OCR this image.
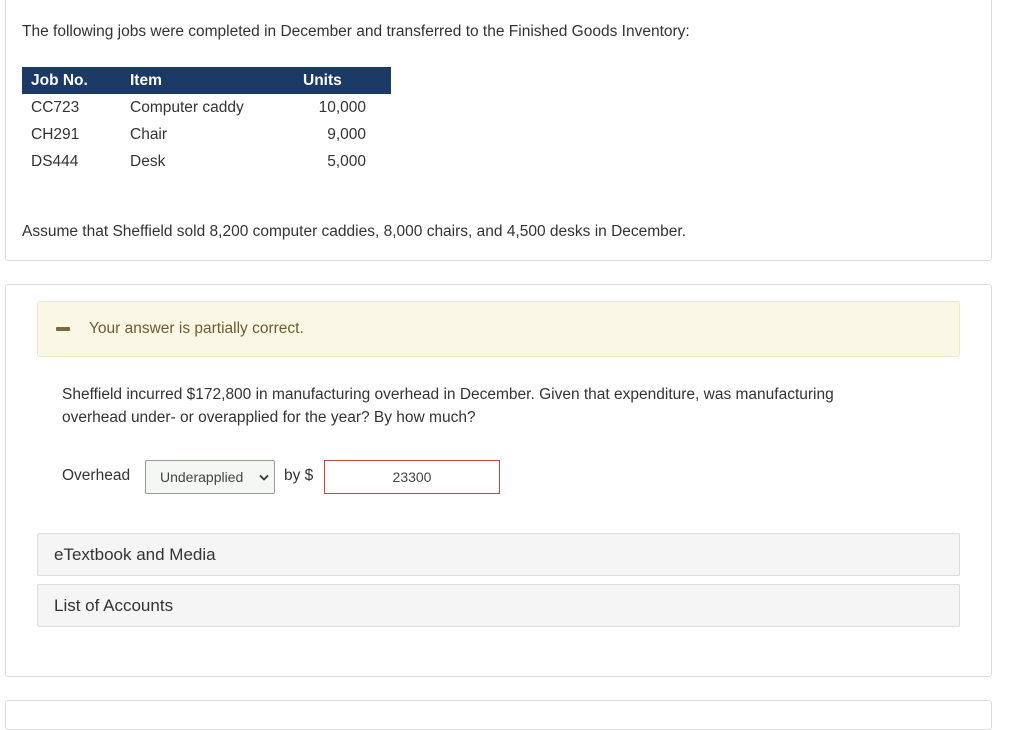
The following jobs were completed in December and transferred to the Finished Goods Inventory:
Job No.	Item	Units
CC723	Computer caddy	10,000
CH291	Chair	9,000
DS444	Desk	5,000
Assume that Sheffield sold 8,200 computer caddies, 8,000 chairs, and 4,500 desks in December.
Your answer is partially correct.
Sheffield incurred $172,800 in manufacturing overhead in December. Given that expenditure, was manufacturing overhead under- or overapplied for the year? By how much?
Overhead Underapplied	by $
23300
eTextbook and Media
List of Accounts
